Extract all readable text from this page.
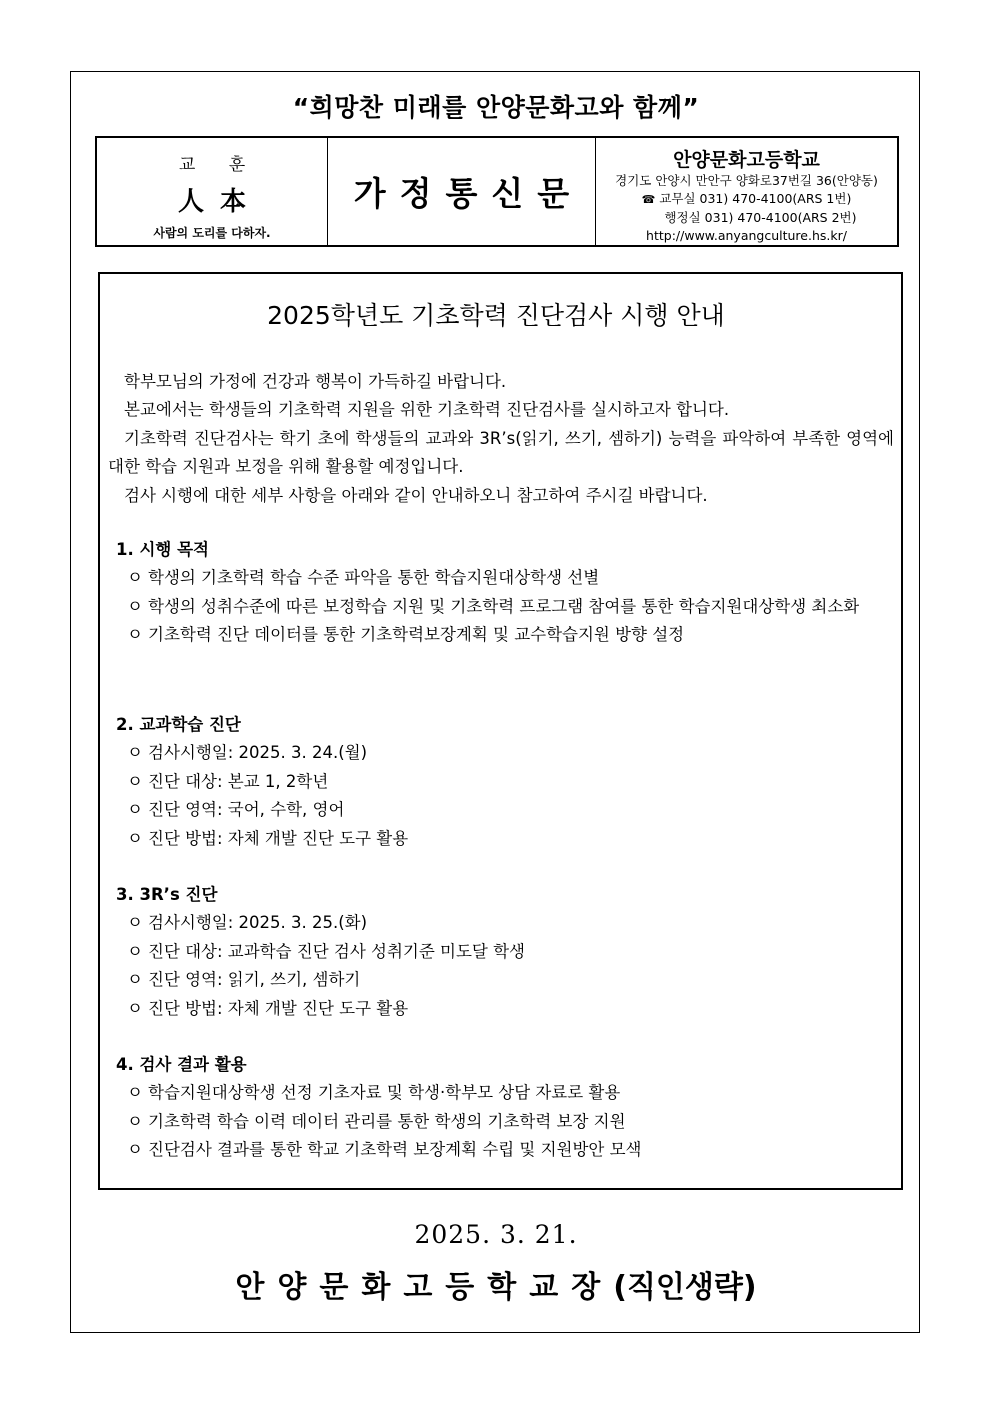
“희망찬 미래를 안양문화고와 함께”
교 훈
人本
사람의 도리를 다하자.
가정통신문
안양문화고등학교
경기도 안양시 만안구 양화로37번길 36(안양동)
☎ 교무실 031) 470-4100(ARS 1번)
행정실 031) 470-4100(ARS 2번)
http://www.anyangculture.hs.kr/
2025학년도 기초학력 진단검사 시행 안내

학부모님의 가정에 건강과 행복이 가득하길 바랍니다.

본교에서는 학생들의 기초학력 지원을 위한 기초학력 진단검사를 실시하고자 합니다.

기초학력 진단검사는 학기 초에 학생들의 교과와 3R’s(읽기, 쓰기, 셈하기) 능력을 파악하여 부족한 영역에 대한 학습 지원과 보정을 위해 활용할 예정입니다.

검사 시행에 대한 세부 사항을 아래와 같이 안내하오니 참고하여 주시길 바랍니다.

1. 시행 목적
ㅇ 학생의 기초학력 학습 수준 파악을 통한 학습지원대상학생 선별
ㅇ 학생의 성취수준에 따른 보정학습 지원 및 기초학력 프로그램 참여를 통한 학습지원대상학생 최소화
ㅇ 기초학력 진단 데이터를 통한 기초학력보장계획 및 교수학습지원 방향 설정
2. 교과학습 진단
ㅇ 검사시행일: 2025. 3. 24.(월)
ㅇ 진단 대상: 본교 1, 2학년
ㅇ 진단 영역: 국어, 수학, 영어
ㅇ 진단 방법: 자체 개발 진단 도구 활용
3. 3R’s 진단
ㅇ 검사시행일: 2025. 3. 25.(화)
ㅇ 진단 대상: 교과학습 진단 검사 성취기준 미도달 학생
ㅇ 진단 영역: 읽기, 쓰기, 셈하기
ㅇ 진단 방법: 자체 개발 진단 도구 활용
4. 검사 결과 활용
ㅇ 학습지원대상학생 선정 기초자료 및 학생·학부모 상담 자료로 활용
ㅇ 기초학력 학습 이력 데이터 관리를 통한 학생의 기초학력 보장 지원
ㅇ 진단검사 결과를 통한 학교 기초학력 보장계획 수립 및 지원방안 모색
2025. 3. 21.
안양문화고등학교장(직인생략)
